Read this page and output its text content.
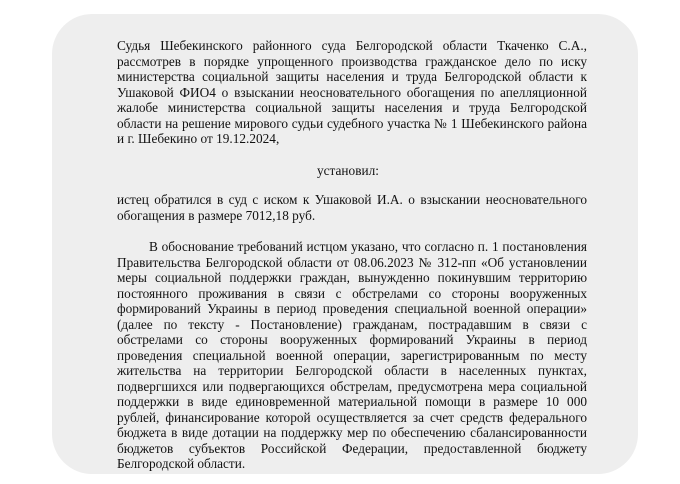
Судья Шебекинского районного суда Белгородской области Ткаченко С.А., рассмотрев в порядке упрощенного производства гражданское дело по иску министерства социальной защиты населения и труда Белгородской области к Ушаковой ФИО4 о взыскании неосновательного обогащения по апелляционной жалобе министерства социальной защиты населения и труда Белгородской области на решение мирового судьи судебного участка № 1 Шебекинского района и г. Шебекино от 19.12.2024,

установил:

истец обратился в суд с иском к Ушаковой И.А. о взыскании неосновательного обогащения в размере 7012,18 руб.

В обоснование требований истцом указано, что согласно п. 1 постановления Правительства Белгородской области от 08.06.2023 № 312-пп «Об установлении меры социальной поддержки граждан, вынужденно покинувшим территорию постоянного проживания в связи с обстрелами со стороны вооруженных формирований Украины в период проведения специальной военной операции» (далее по тексту - Постановление) гражданам, пострадавшим в связи с обстрелами со стороны вооруженных формирований Украины в период проведения специальной военной операции, зарегистрированным по месту жительства на территории Белгородской области в населенных пунктах, подвергшихся или подвергающихся обстрелам, предусмотрена мера социальной поддержки в виде единовременной материальной помощи в размере 10 000 рублей, финансирование которой осуществляется за счет средств федерального бюджета в виде дотации на поддержку мер по обеспечению сбалансированности бюджетов субъектов Российской Федерации, предоставленной бюджету Белгородской области.
